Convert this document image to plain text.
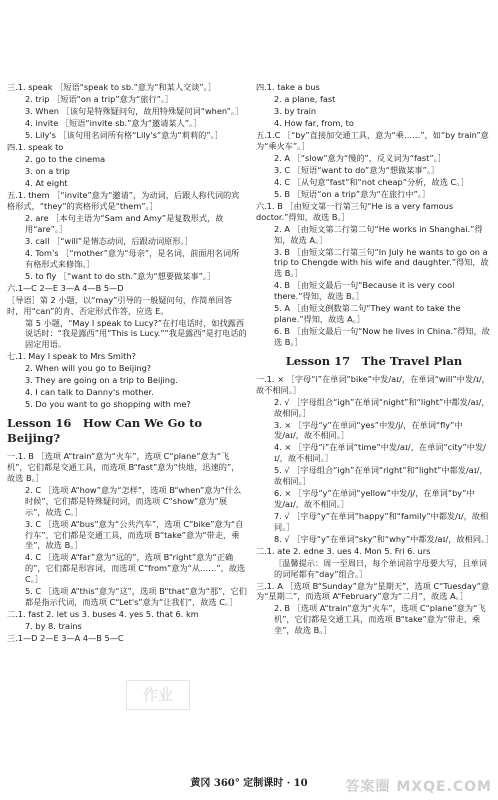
三.1. speak ［短语“speak to sb.”意为“和某人交谈”。］
2. trip ［短语“on a trip”意为“旅行”。］
3. When ［该句是特殊疑问句，故用特殊疑问词“when”。］
4. invite ［短语“invite sb.”意为“邀请某人”。］
5. Lily's ［该句用名词所有格“Lily's”意为“莉莉的”。］
四.1. speak to
2. go to the cinema
3. on a trip
4. At eight
五.1. them ［“invite”意为“邀请”，为动词，后跟人称代词的宾格形式，“they”的宾格形式是“them”。］
2. are ［本句主语为“Sam and Amy”是复数形式，故用“are”。］
3. call ［“will”是情态动词，后跟动词原形。］
4. Tom's ［“mother”意为“母亲”，是名词，前面用名词所有格形式来修饰。］
5. to fly ［“want to do sth.”意为“想要做某事”。］
六.1—C 2—E 3—A 4—B 5—D
［导语］第 2 小题，以“may”引导的一般疑问句，作简单回答时，用“can”的肯、否定形式作答，应选 E。
第 5 小题，“May I speak to Lucy?”在打电话时，如找露西说话时：“我是露西”用“This is Lucy.”“我是露西”是打电话的固定用语。
七.1. May I speak to Mrs Smith?
2. When will you go to Beijing?
3. They are going on a trip to Beijing.
4. I can talk to Danny's mother.
5. Do you want to go shopping with me?
Lesson 16　How Can We Go to Beijing?
一.1. B ［选项 A“train”意为“火车”，选项 C“plane”意为“飞机”，它们都是交通工具，而选项 B“fast”意为“快地，迅速的”，故选 B。］
2. C ［选项 A“how”意为“怎样”，选项 B“when”意为“什么时候”，它们都是特殊疑问词，而选项 C“show”意为“展示”，故选 C。］
3. C ［选项 A“bus”意为“公共汽车”，选项 C“bike”意为“自行车”，它们都是交通工具，而选项 B“take”意为“带走，乘坐”，故选 B。］
4. C ［选项 A“far”意为“远的”，选项 B“right”意为“正确的”，它们都是形容词，而选项 C“from”意为“从……”，故选 C。］
5. C ［选项 A“this”意为“这”，选项 B“that”意为“那”，它们都是指示代词，而选项 C“Let's”意为“让我们”，故选 C。］
二.1. fast 2. let us 3. buses 4. yes 5. that 6. km
7. by 8. trains
三.1—D 2—E 3—A 4—B 5—C
四.1. take a bus
2. a plane, fast
3. by train
4. How far, from, to
五.1.C ［“by”直接加交通工具，意为“乘……”，如“by train”意为“乘火车”。］
2. A ［“slow”意为“慢的”，反义词为“fast”。］
3. C ［短语“want to do”意为“想做某事”。］
4. C ［从句意“fast”和“not cheap”分析，故选 C。］
5. B ［短语“on a trip”意为“在旅行中”。］
六.1. B ［由短文第一行第三句“He is a very famous doctor.”得知，故选 B。］
2. A ［由短文第二行第二句“He works in Shanghai.”得知，故选 A。］
3. B ［由短文第二行第三句“In July he wants to go on a trip to Chengde with his wife and daughter.”得知，故选 B。］
4. B ［由短文最后一句“Because it is very cool there.”得知，故选 B。］
5. A ［由短文倒数第二句“They want to take the plane.”得知，故选 A。］
6. B ［由短文最后一句“Now he lives in China.”得知，故选 B。］
Lesson 17　The Travel Plan
一.1. × ［字母“i”在单词“bike”中发/aɪ/，在单词“will”中发/ɪ/，故不相同。］
2. √ ［字母组合“igh”在单词“night”和“light”中都发/aɪ/，故相同。］
3. × ［字母“y”在单词“yes”中发/j/，在单词“fly”中发/aɪ/，故不相同。］
4. × ［字母“i”在单词“time”中发/aɪ/，在单词“city”中发/ɪ/，故不相同。］
5. √ ［字母组合“igh”在单词“right”和“light”中都发/aɪ/，故相同。］
6. × ［字母“y”在单词“yellow”中发/j/，在单词“by”中发/aɪ/，故不相同。］
7. √ ［字母“y”在单词“happy”和“family”中都发/ɪ/，故相同。］
8. √ ［字母“y”在单词“sky”和“why”中都发/aɪ/，故相同。］
二.1. ate 2. edne 3. ues 4. Mon 5. Fri 6. urs
［温馨提示：周一至周日，每个单词首字母要大写，且单词的词尾都有“day”组合。］
三.1. A ［选项 B“Sunday”意为“星期天”，选项 C“Tuesday”意为“星期二”，而选项 A“February”意为“二月”，故选 A。］
2. B ［选项 A“train”意为“火车”，选项 C“plane”意为“飞机”，它们都是交通工具，而选项 B“take”意为“带走，乘坐”，故选 B。］
作业
黄冈 360° 定制课时 · 10	答案圈 MXQE.COM
